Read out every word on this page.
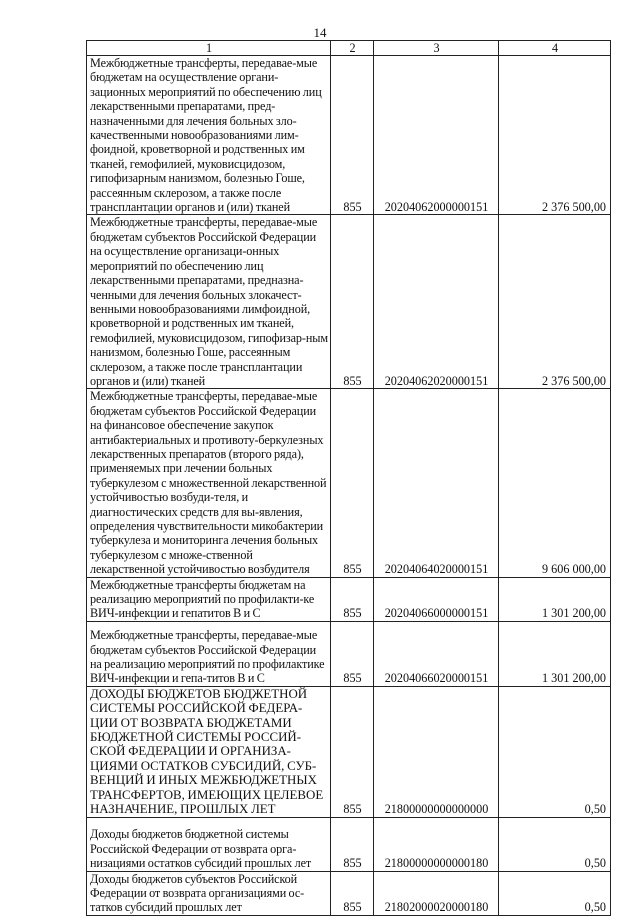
14
1	2	3	4
Межбюджетные трансферты, передавае-мые бюджетам на осуществление органи-зационных мероприятий по обеспечению лиц лекарственными препаратами, пред-назначенными для лечения больных зло-качественными новообразованиями лим-фоидной, кроветворной и родственных им тканей, гемофилией, муковисцидозом, гипофизарным нанизмом, болезнью Гоше, рассеянным склерозом, а также после трансплантации органов и (или) тканей	855	20204062000000151	2 376 500,00
Межбюджетные трансферты, передавае-мые бюджетам субъектов Российской Федерации на осуществление организаци-онных мероприятий по обеспечению лиц лекарственными препаратами, предназна-ченными для лечения больных злокачест-венными новообразованиями лимфоидной, кроветворной и родственных им тканей, гемофилией, муковисцидозом, гипофизар-ным нанизмом, болезнью Гоше, рассеянным склерозом, а также после трансплантации органов и (или) тканей	855	20204062020000151	2 376 500,00
Межбюджетные трансферты, передавае-мые бюджетам субъектов Российской Федерации на финансовое обеспечение закупок антибактериальных и противоту-беркулезных лекарственных препаратов (второго ряда), применяемых при лечении больных туберкулезом с множественной лекарственной устойчивостью возбуди-теля, и диагностических средств для вы-явления, определения чувствительности микобактерии туберкулеза и мониторинга лечения больных туберкулезом с множе-ственной лекарственной устойчивостью возбудителя	855	20204064020000151	9 606 000,00
Межбюджетные трансферты бюджетам на реализацию мероприятий по профилакти-ке ВИЧ-инфекции и гепатитов В и С	855	20204066000000151	1 301 200,00
Межбюджетные трансферты, передавае-мые бюджетам субъектов Российской Федерации на реализацию мероприятий по профилактике ВИЧ-инфекции и гепа-титов В и С	855	20204066020000151	1 301 200,00
ДОХОДЫ БЮДЖЕТОВ БЮДЖЕТНОЙ СИСТЕМЫ РОССИЙСКОЙ ФЕДЕРА-ЦИИ ОТ ВОЗВРАТА БЮДЖЕТАМИ БЮДЖЕТНОЙ СИСТЕМЫ РОССИЙ-СКОЙ ФЕДЕРАЦИИ И ОРГАНИЗА-ЦИЯМИ ОСТАТКОВ СУБСИДИЙ, СУБ-ВЕНЦИЙ И ИНЫХ МЕЖБЮДЖЕТНЫХ ТРАНСФЕРТОВ, ИМЕЮЩИХ ЦЕЛЕВОЕ НАЗНАЧЕНИЕ, ПРОШЛЫХ ЛЕТ	855	21800000000000000	0,50
Доходы бюджетов бюджетной системы Российской Федерации от возврата орга-низациями остатков субсидий прошлых лет	855	21800000000000180	0,50
Доходы бюджетов субъектов Российской Федерации от возврата организациями ос-татков субсидий прошлых лет	855	21802000020000180	0,50
